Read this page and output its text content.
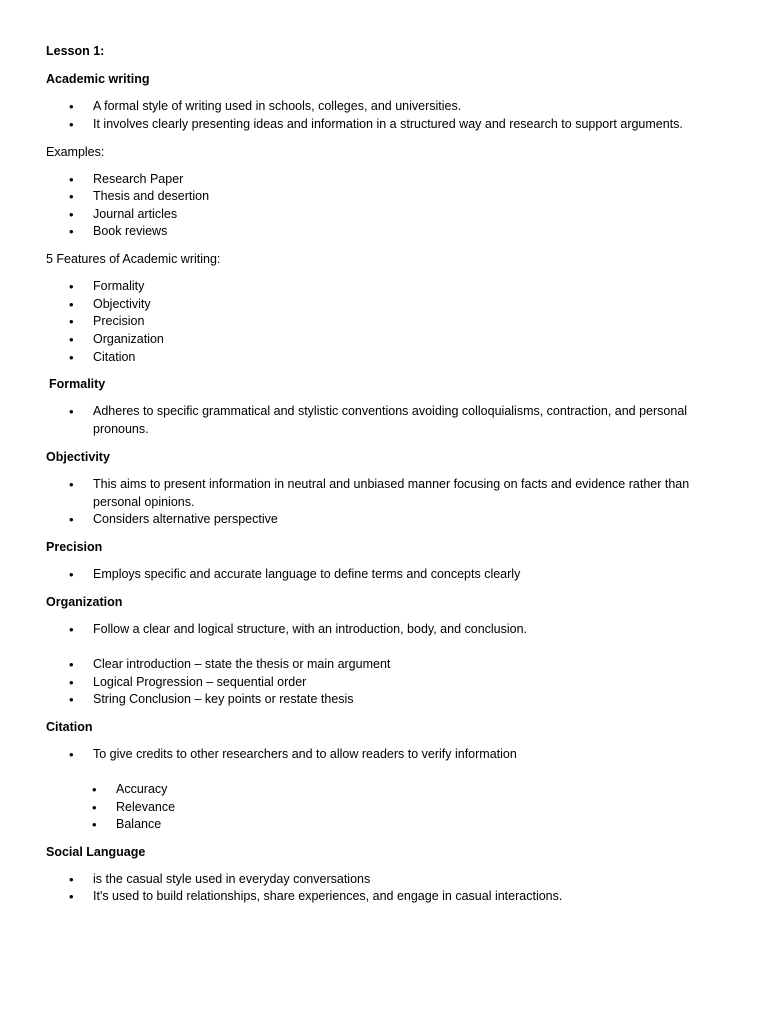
Lesson 1:
Academic writing
• A formal style of writing used in schools, colleges, and universities.
• It involves clearly presenting ideas and information in a structured way and research to support arguments.
Examples:
• Research Paper
• Thesis and desertion
• Journal articles
• Book reviews
5 Features of Academic writing:
• Formality
• Objectivity
• Precision
• Organization
• Citation
Formality
• Adheres to specific grammatical and stylistic conventions avoiding colloquialisms, contraction, and personal pronouns.
Objectivity
• This aims to present information in neutral and unbiased manner focusing on facts and evidence rather than personal opinions.
• Considers alternative perspective
Precision
• Employs specific and accurate language to define terms and concepts clearly
Organization
• Follow a clear and logical structure, with an introduction, body, and conclusion.
• Clear introduction – state the thesis or main argument
• Logical Progression – sequential order
• String Conclusion – key points or restate thesis
Citation
• To give credits to other researchers and to allow readers to verify information
• Accuracy
• Relevance
• Balance
Social Language
• is the casual style used in everyday conversations
• It's used to build relationships, share experiences, and engage in casual interactions.
